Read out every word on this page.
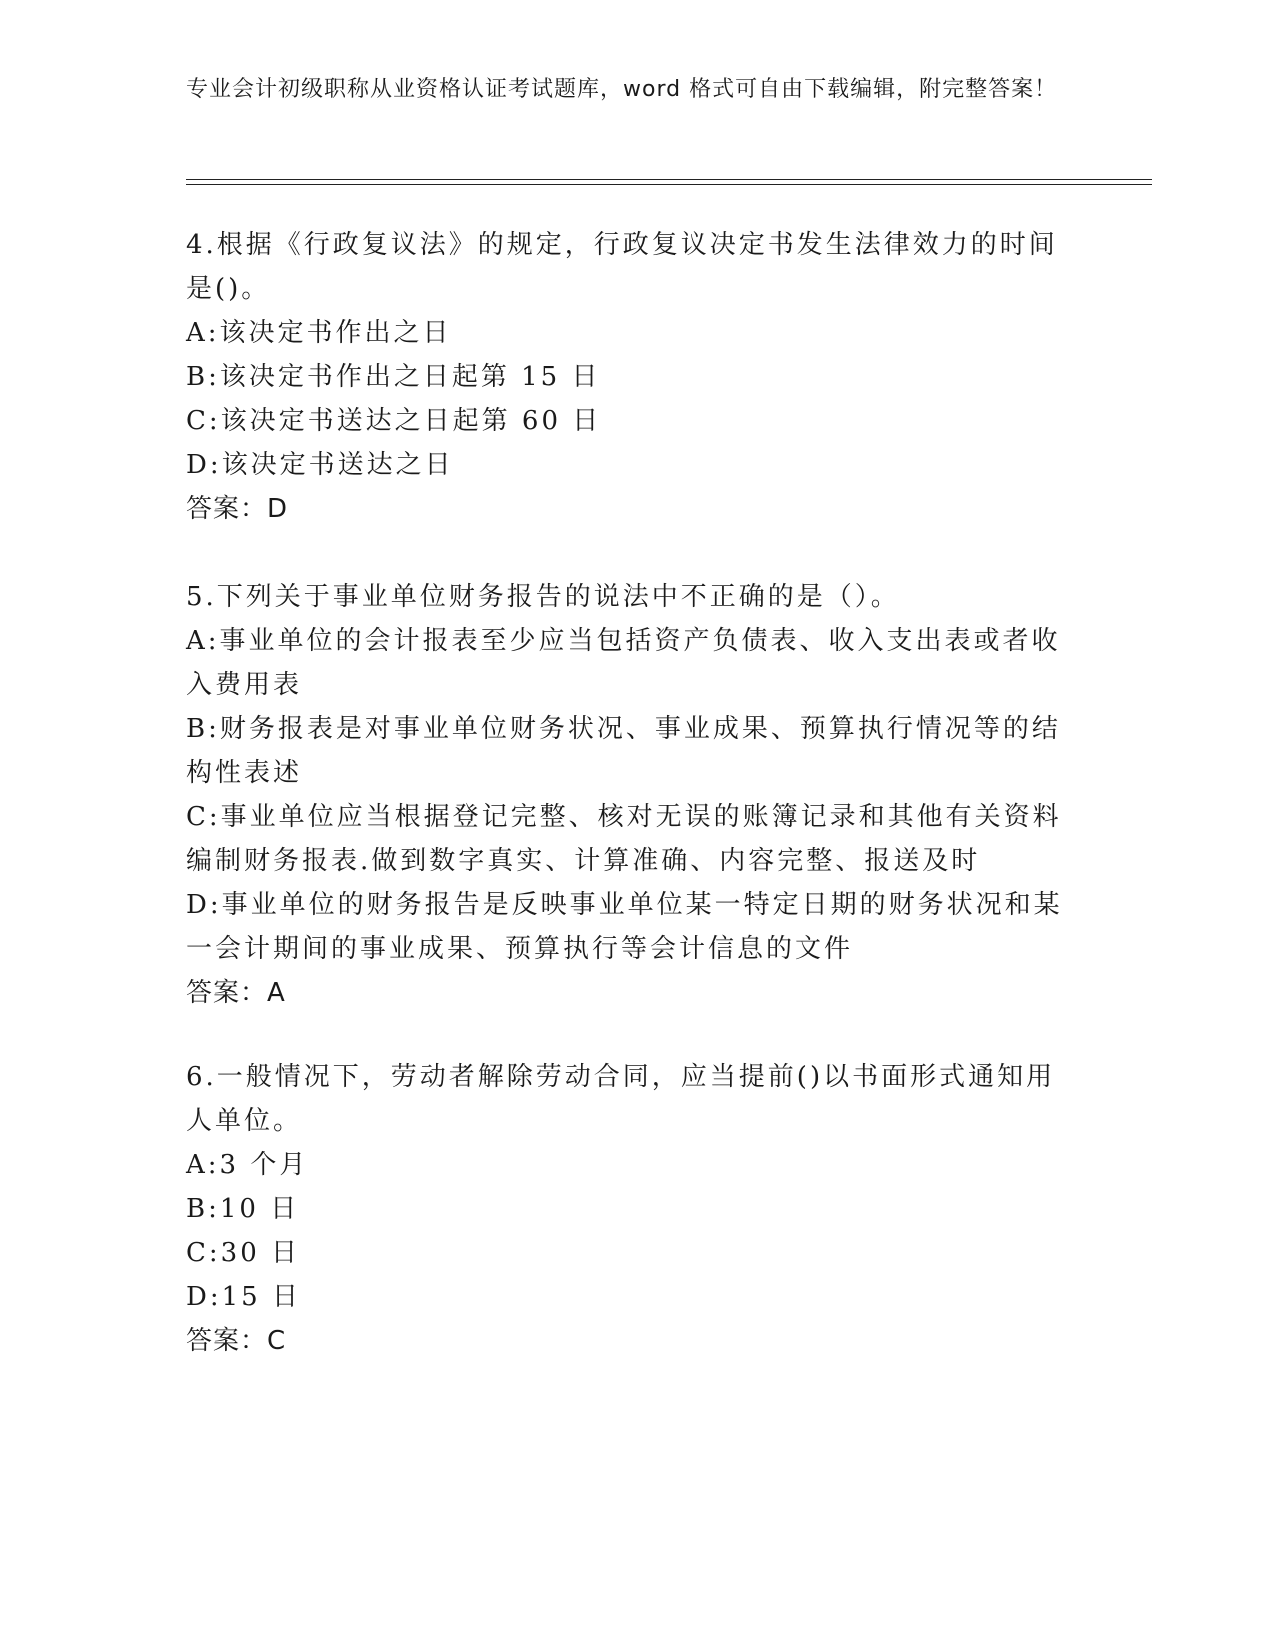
专业会计初级职称从业资格认证考试题库，word 格式可自由下载编辑，附完整答案！
4.根据《行政复议法》的规定，行政复议决定书发生法律效力的时间
是()。
A:该决定书作出之日
B:该决定书作出之日起第 15 日
C:该决定书送达之日起第 60 日
D:该决定书送达之日
答案：D
5.下列关于事业单位财务报告的说法中不正确的是（）。
A:事业单位的会计报表至少应当包括资产负债表、收入支出表或者收
入费用表
B:财务报表是对事业单位财务状况、事业成果、预算执行情况等的结
构性表述
C:事业单位应当根据登记完整、核对无误的账簿记录和其他有关资料
编制财务报表.做到数字真实、计算准确、内容完整、报送及时
D:事业单位的财务报告是反映事业单位某一特定日期的财务状况和某
一会计期间的事业成果、预算执行等会计信息的文件
答案：A
6.一般情况下，劳动者解除劳动合同，应当提前()以书面形式通知用
人单位。
A:3 个月
B:10 日
C:30 日
D:15 日
答案：C
